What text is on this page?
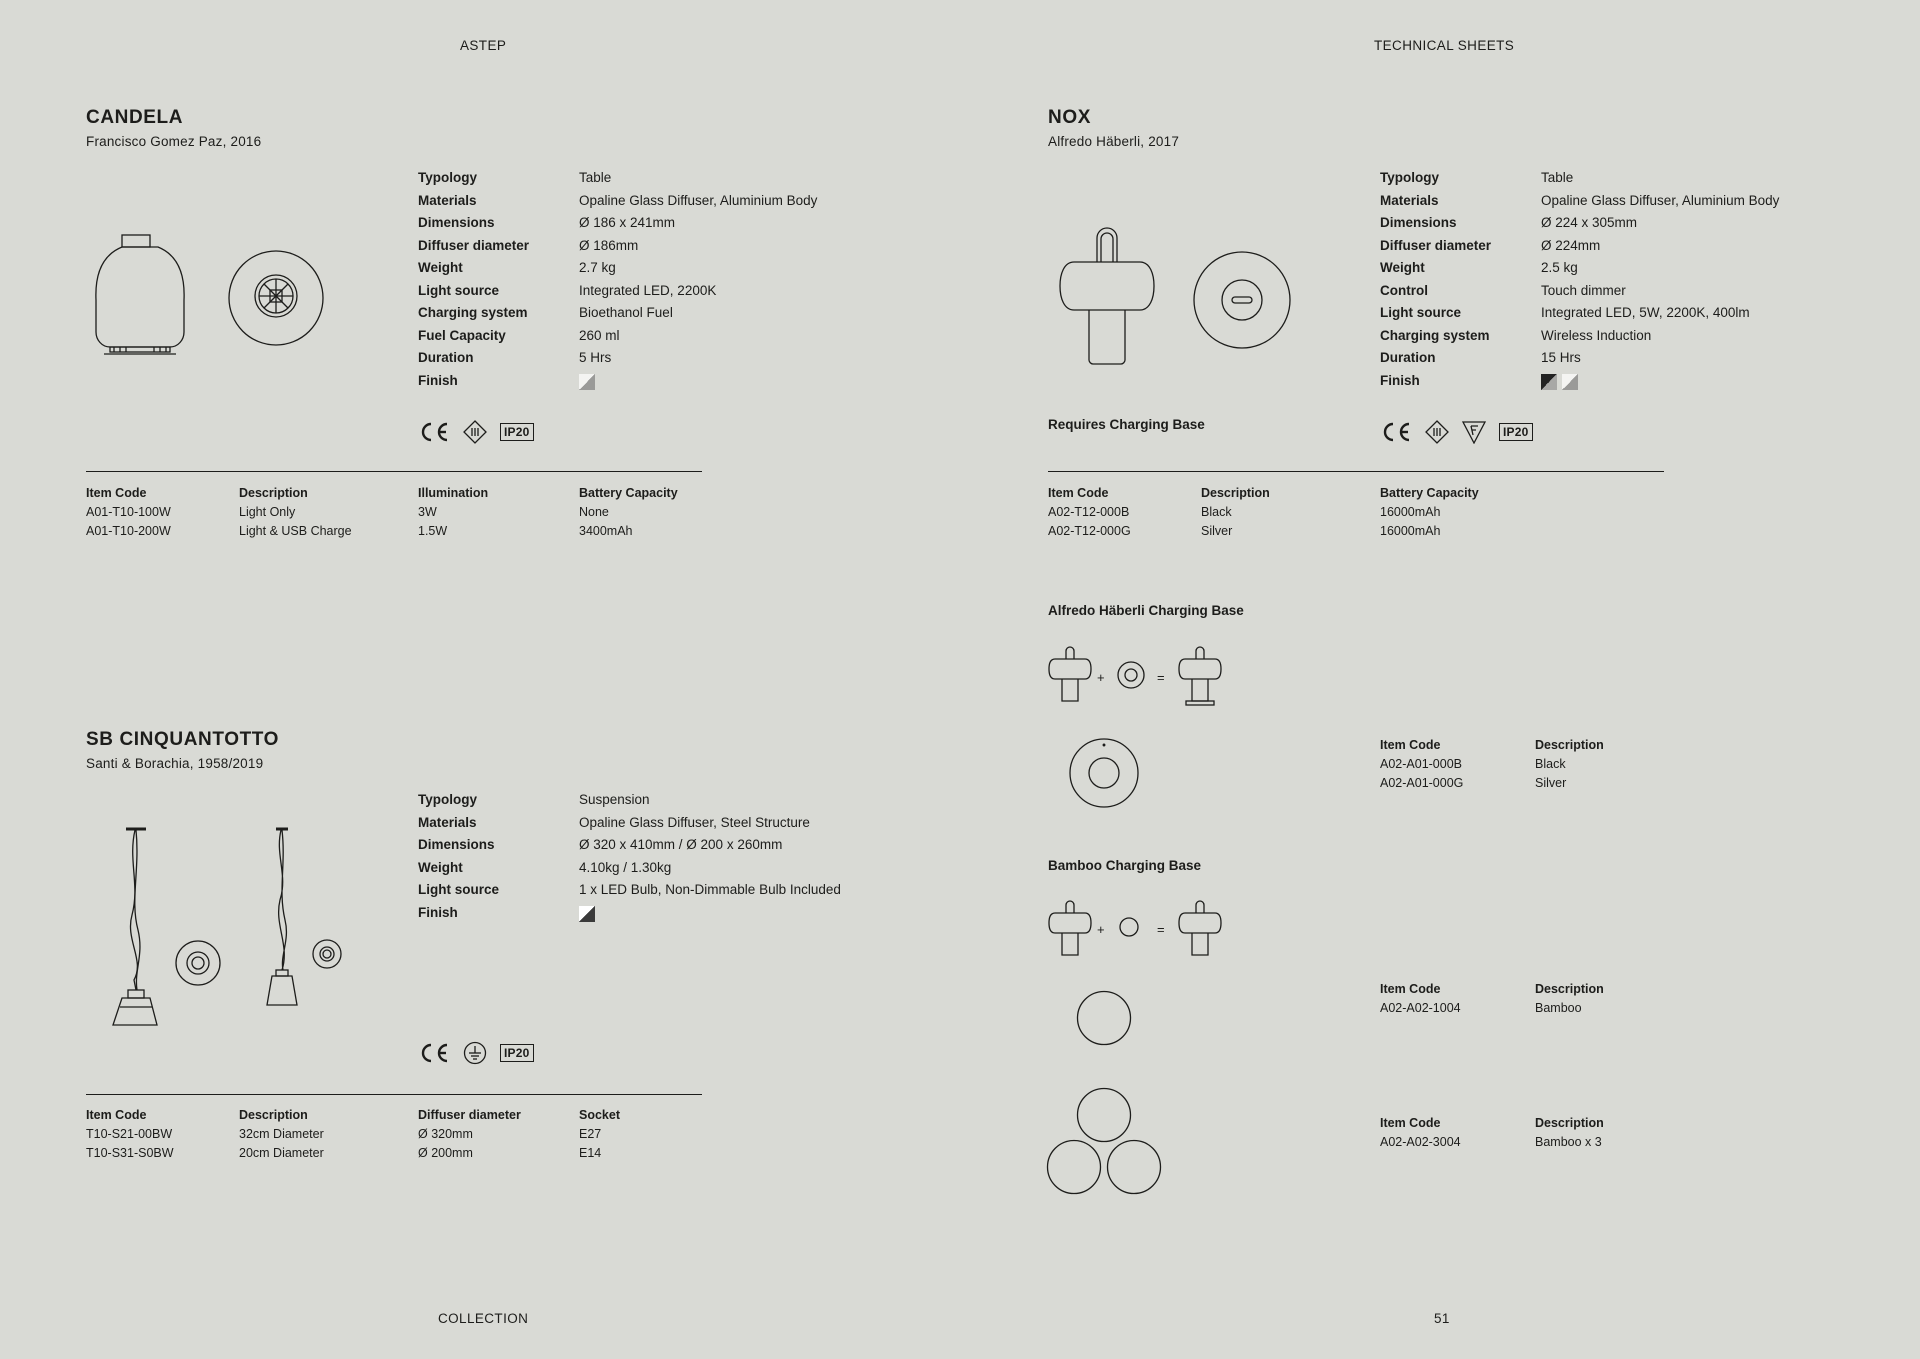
ASTEP	TECHNICAL SHEETS
COLLECTION	51
CANDELA
Francisco Gomez Paz, 2016
Typology	Table
Materials	Opaline Glass Diffuser, Aluminium Body
Dimensions	Ø 186 x 241mm
Diffuser diameter	Ø 186mm
Weight	2.7 kg
Light source	Integrated LED, 2200K
Charging system	Bioethanol Fuel
Fuel Capacity	260 ml
Duration	5 Hrs
Finish
IP20
Item Code	Description	Illumination	Battery Capacity
A01-T10-100W	Light Only	3W	None
A01-T10-200W	Light & USB Charge	1.5W	3400mAh
SB CINQUANTOTTO
Santi & Borachia, 1958/2019
Typology	Suspension
Materials	Opaline Glass Diffuser, Steel Structure
Dimensions	Ø 320 x 410mm / Ø 200 x 260mm
Weight	4.10kg / 1.30kg
Light source	1 x LED Bulb, Non-Dimmable Bulb Included
Finish
IP20
Item Code	Description	Diffuser diameter	Socket
T10-S21-00BW	32cm Diameter	Ø 320mm	E27
T10-S31-S0BW	20cm Diameter	Ø 200mm	E14
NOX
Alfredo Häberli, 2017
Typology	Table
Materials	Opaline Glass Diffuser, Aluminium Body
Dimensions	Ø 224 x 305mm
Diffuser diameter	Ø 224mm
Weight	2.5 kg
Control	Touch dimmer
Light source	Integrated LED, 5W, 2200K, 400lm
Charging system	Wireless Induction
Duration	15 Hrs
Finish
Requires Charging Base	IP20
Item Code	Description	Battery Capacity
A02-T12-000B	Black	16000mAh
A02-T12-000G	Silver	16000mAh
Alfredo Häberli Charging Base
+	=
Item Code	Description
A02-A01-000B	Black
A02-A01-000G	Silver
Bamboo Charging Base
+	=
Item Code	Description
A02-A02-1004	Bamboo
Item Code	Description
A02-A02-3004	Bamboo x 3
